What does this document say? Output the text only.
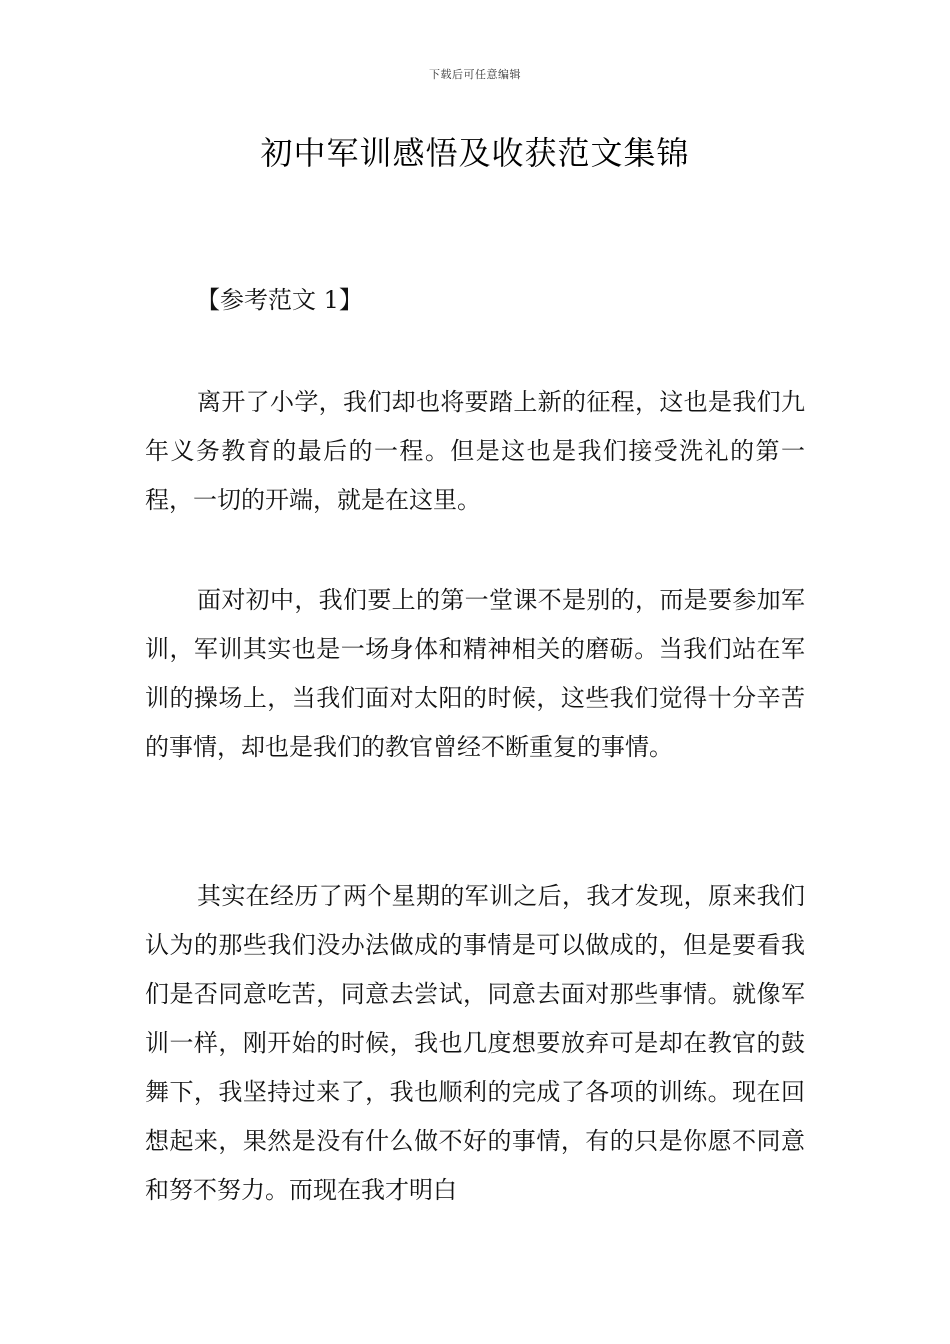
下载后可任意编辑
初中军训感悟及收获范文集锦
【参考范文 1】

离开了小学，我们却也将要踏上新的征程，这也是我们九年义务教育的最后的一程。但是这也是我们接受洗礼的第一程，一切的开端，就是在这里。

面对初中，我们要上的第一堂课不是别的，而是要参加军训，军训其实也是一场身体和精神相关的磨砺。当我们站在军训的操场上，当我们面对太阳的时候，这些我们觉得十分辛苦的事情，却也是我们的教官曾经不断重复的事情。

其实在经历了两个星期的军训之后，我才发现，原来我们认为的那些我们没办法做成的事情是可以做成的，但是要看我们是否同意吃苦，同意去尝试，同意去面对那些事情。就像军训一样，刚开始的时候，我也几度想要放弃可是却在教官的鼓舞下，我坚持过来了，我也顺利的完成了各项的训练。现在回想起来，果然是没有什么做不好的事情，有的只是你愿不同意和努不努力。而现在我才明白
